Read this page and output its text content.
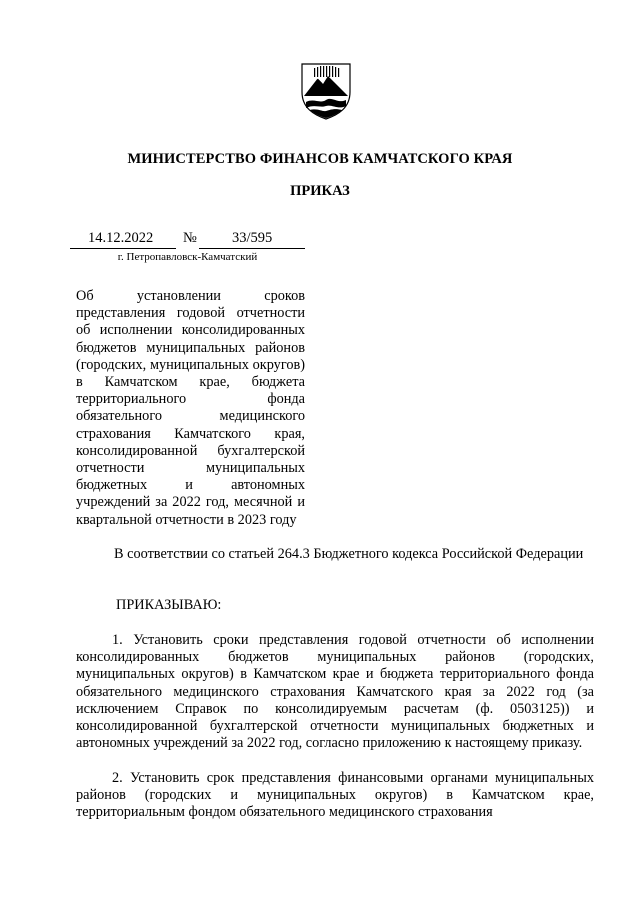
МИНИСТЕРСТВО ФИНАНСОВ КАМЧАТСКОГО КРАЯ
ПРИКАЗ
14.12.2022 № 33/595
г. Петропавловск-Камчатский
Об установлении сроков представления годовой отчетности об исполнении консолидированных бюджетов муниципальных районов (городских, муниципальных округов) в Камчатском крае, бюджета территориального фонда обязательного медицинского страхования Камчатского края, консолидированной бухгалтерской отчетности муниципальных бюджетных и автономных учреждений за 2022 год, месячной и квартальной отчетности в 2023 году
В соответствии со статьей 264.3 Бюджетного кодекса Российской Федерации
ПРИКАЗЫВАЮ:
1. Установить сроки представления годовой отчетности об исполнении консолидированных бюджетов муниципальных районов (городских, муниципальных округов) в Камчатском крае и бюджета территориального фонда обязательного медицинского страхования Камчатского края за 2022 год (за исключением Справок по консолидируемым расчетам (ф. 0503125)) и консолидированной бухгалтерской отчетности муниципальных бюджетных и автономных учреждений за 2022 год, согласно приложению к настоящему приказу.
2. Установить срок представления финансовыми органами муниципальных районов (городских и муниципальных округов) в Камчатском крае, территориальным фондом обязательного медицинского страхования
